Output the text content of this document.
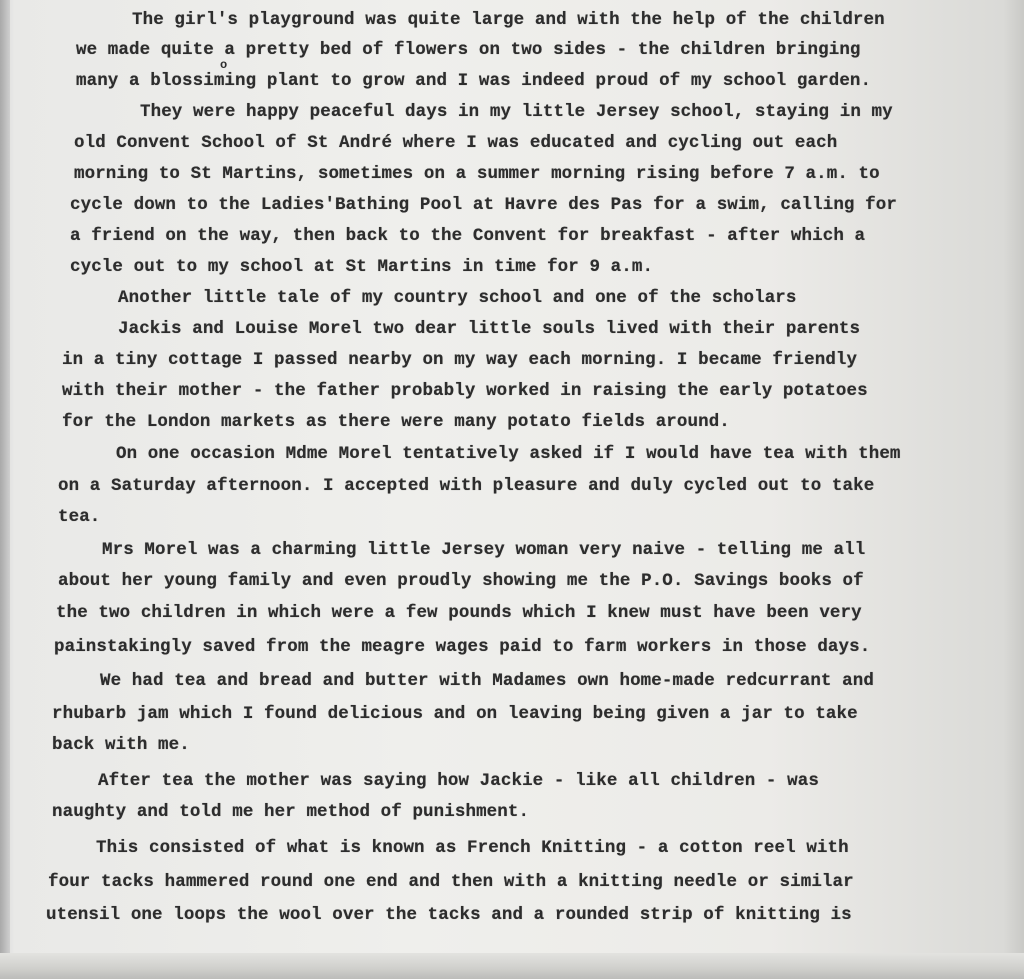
o
The girl's playground was quite large and with the help of the children
we made quite a pretty bed of flowers on two sides - the children bringing
many a blossiming plant to grow and I was indeed proud of my school garden.
They were happy peaceful days in my little Jersey school, staying in my
old Convent School of St André where I was educated and cycling out each
morning to St Martins, sometimes on a summer morning rising before 7 a.m. to
cycle down to the Ladies'Bathing Pool at Havre des Pas for a swim, calling for
a friend on the way, then back to the Convent for breakfast - after which a
cycle out to my school at St Martins in time for 9 a.m.
Another little tale of my country school and one of the scholars
Jackis and Louise Morel two dear little souls lived with their parents
in a tiny cottage I passed nearby on my way each morning. I became friendly
with their mother - the father probably worked in raising the early potatoes
for the London markets as there were many potato fields around.
On one occasion Mdme Morel tentatively asked if I would have tea with them
on a Saturday afternoon. I accepted with pleasure and duly cycled out to take
tea.
Mrs Morel was a charming little Jersey woman very naive - telling me all
about her young family and even proudly showing me the P.O. Savings books of
the two children in which were a few pounds which I knew must have been very
painstakingly saved from the meagre wages paid to farm workers in those days.
We had tea and bread and butter with Madames own home-made redcurrant and
rhubarb jam which I found delicious and on leaving being given a jar to take
back with me.
After tea the mother was saying how Jackie - like all children - was
naughty and told me her method of punishment.
This consisted of what is known as French Knitting - a cotton reel with
four tacks hammered round one end and then with a knitting needle or similar
utensil one loops the wool over the tacks and a rounded strip of knitting is
